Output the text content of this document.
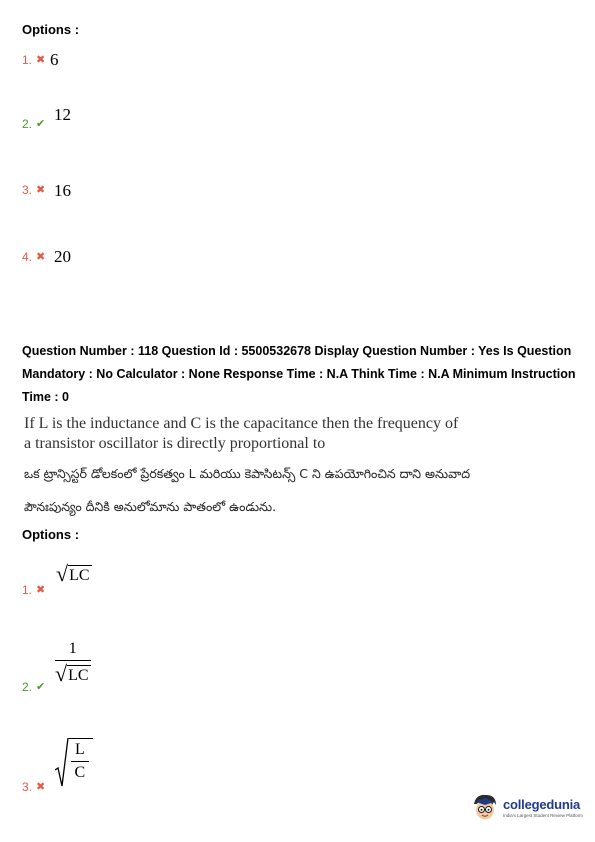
Options :
1. ✖ 6
2. ✔ 12
3. ✖ 16
4. ✖ 20
Question Number : 118 Question Id : 5500532678 Display Question Number : Yes Is Question Mandatory : No Calculator : None Response Time : N.A Think Time : N.A Minimum Instruction Time : 0
If L is the inductance and C is the capacitance then the frequency of a transistor oscillator is directly proportional to
ఒక ట్రాన్సిస్టర్ డోలకంలో ప్రేరకత్వం L మరియు కెపాసిటన్స్ C ని ఉపయోగించిన దాని అనువాద పౌనఃపున్యం దీనికి అనులోమాను పాతంలో ఉండును.
Options :
1. ✖
√ LC
2. ✔
$\frac{1}{√ LC}$
3. ✖
$\frac{L}{C}$
collegedunia
India's Largest Student Review Platform
